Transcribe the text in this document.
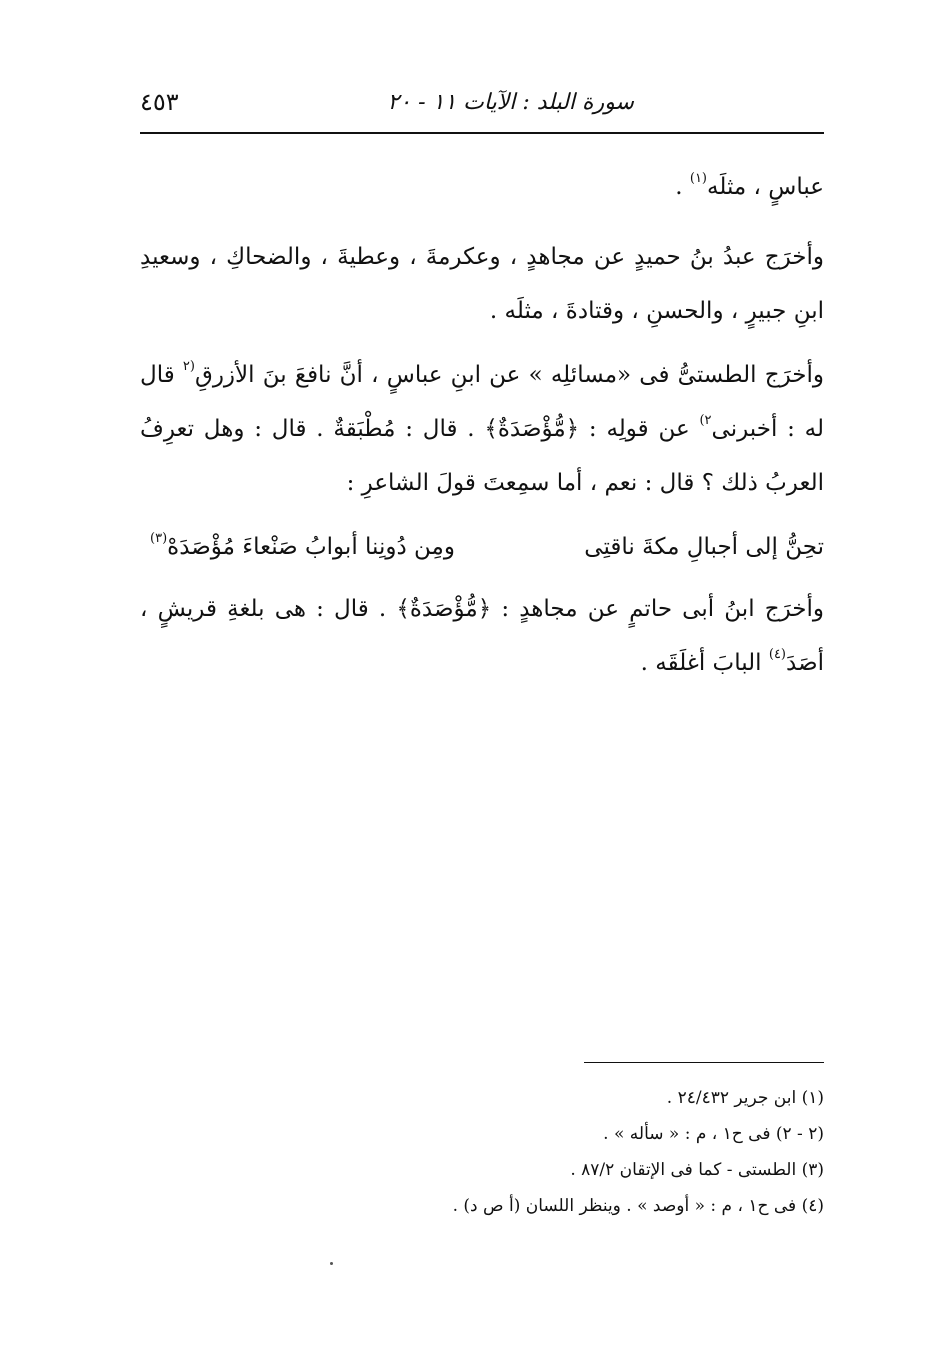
سورة البلد : الآيات ١١ - ٢٠
٤٥٣

عباسٍ ، مثلَه$^{(١)}$ .

وأخرَج عبدُ بنُ حميدٍ عن مجاهدٍ ، وعكرمةَ ، وعطيةَ ، والضحاكِ ، وسعيدِ ابنِ جبيرٍ ، والحسنِ ، وقتادةَ ، مثلَه .

وأخرَج الطستىُّ فى «مسائلِه » عن ابنِ عباسٍ ، أنَّ نافعَ بنَ الأزرقِ$^{(٢}$ قال له : أخبرنى$^{٢)}$ عن قولِه : ﴿مُّؤْصَدَةٌ﴾ . قال : مُطْبَقةٌ . قال : وهل تعرِفُ العربُ ذلك ؟ قال : نعم ، أما سمِعتَ قولَ الشاعرِ :

تحِنُّ إلى أجبالِ مكةَ ناقتِى
ومِن دُونِنا أبوابُ صَنْعاءَ مُؤْصَدَهْ$^{(٣)}$

وأخرَج ابنُ أبى حاتمٍ عن مجاهدٍ : ﴿مُّؤْصَدَةٌ﴾ . قال : هى بلغةِ قريشٍ ، أصَدَ$^{(٤)}$ البابَ أغلَقَه .

(١) ابن جرير ٢٤/٤٣٢ .

(٢ - ٢) فى ح١ ، م : « سأله » .

(٣) الطستى - كما فى الإتقان ٨٧/٢ .

(٤) فى ح١ ، م : « أوصد » . وينظر اللسان (أ ص د) .
